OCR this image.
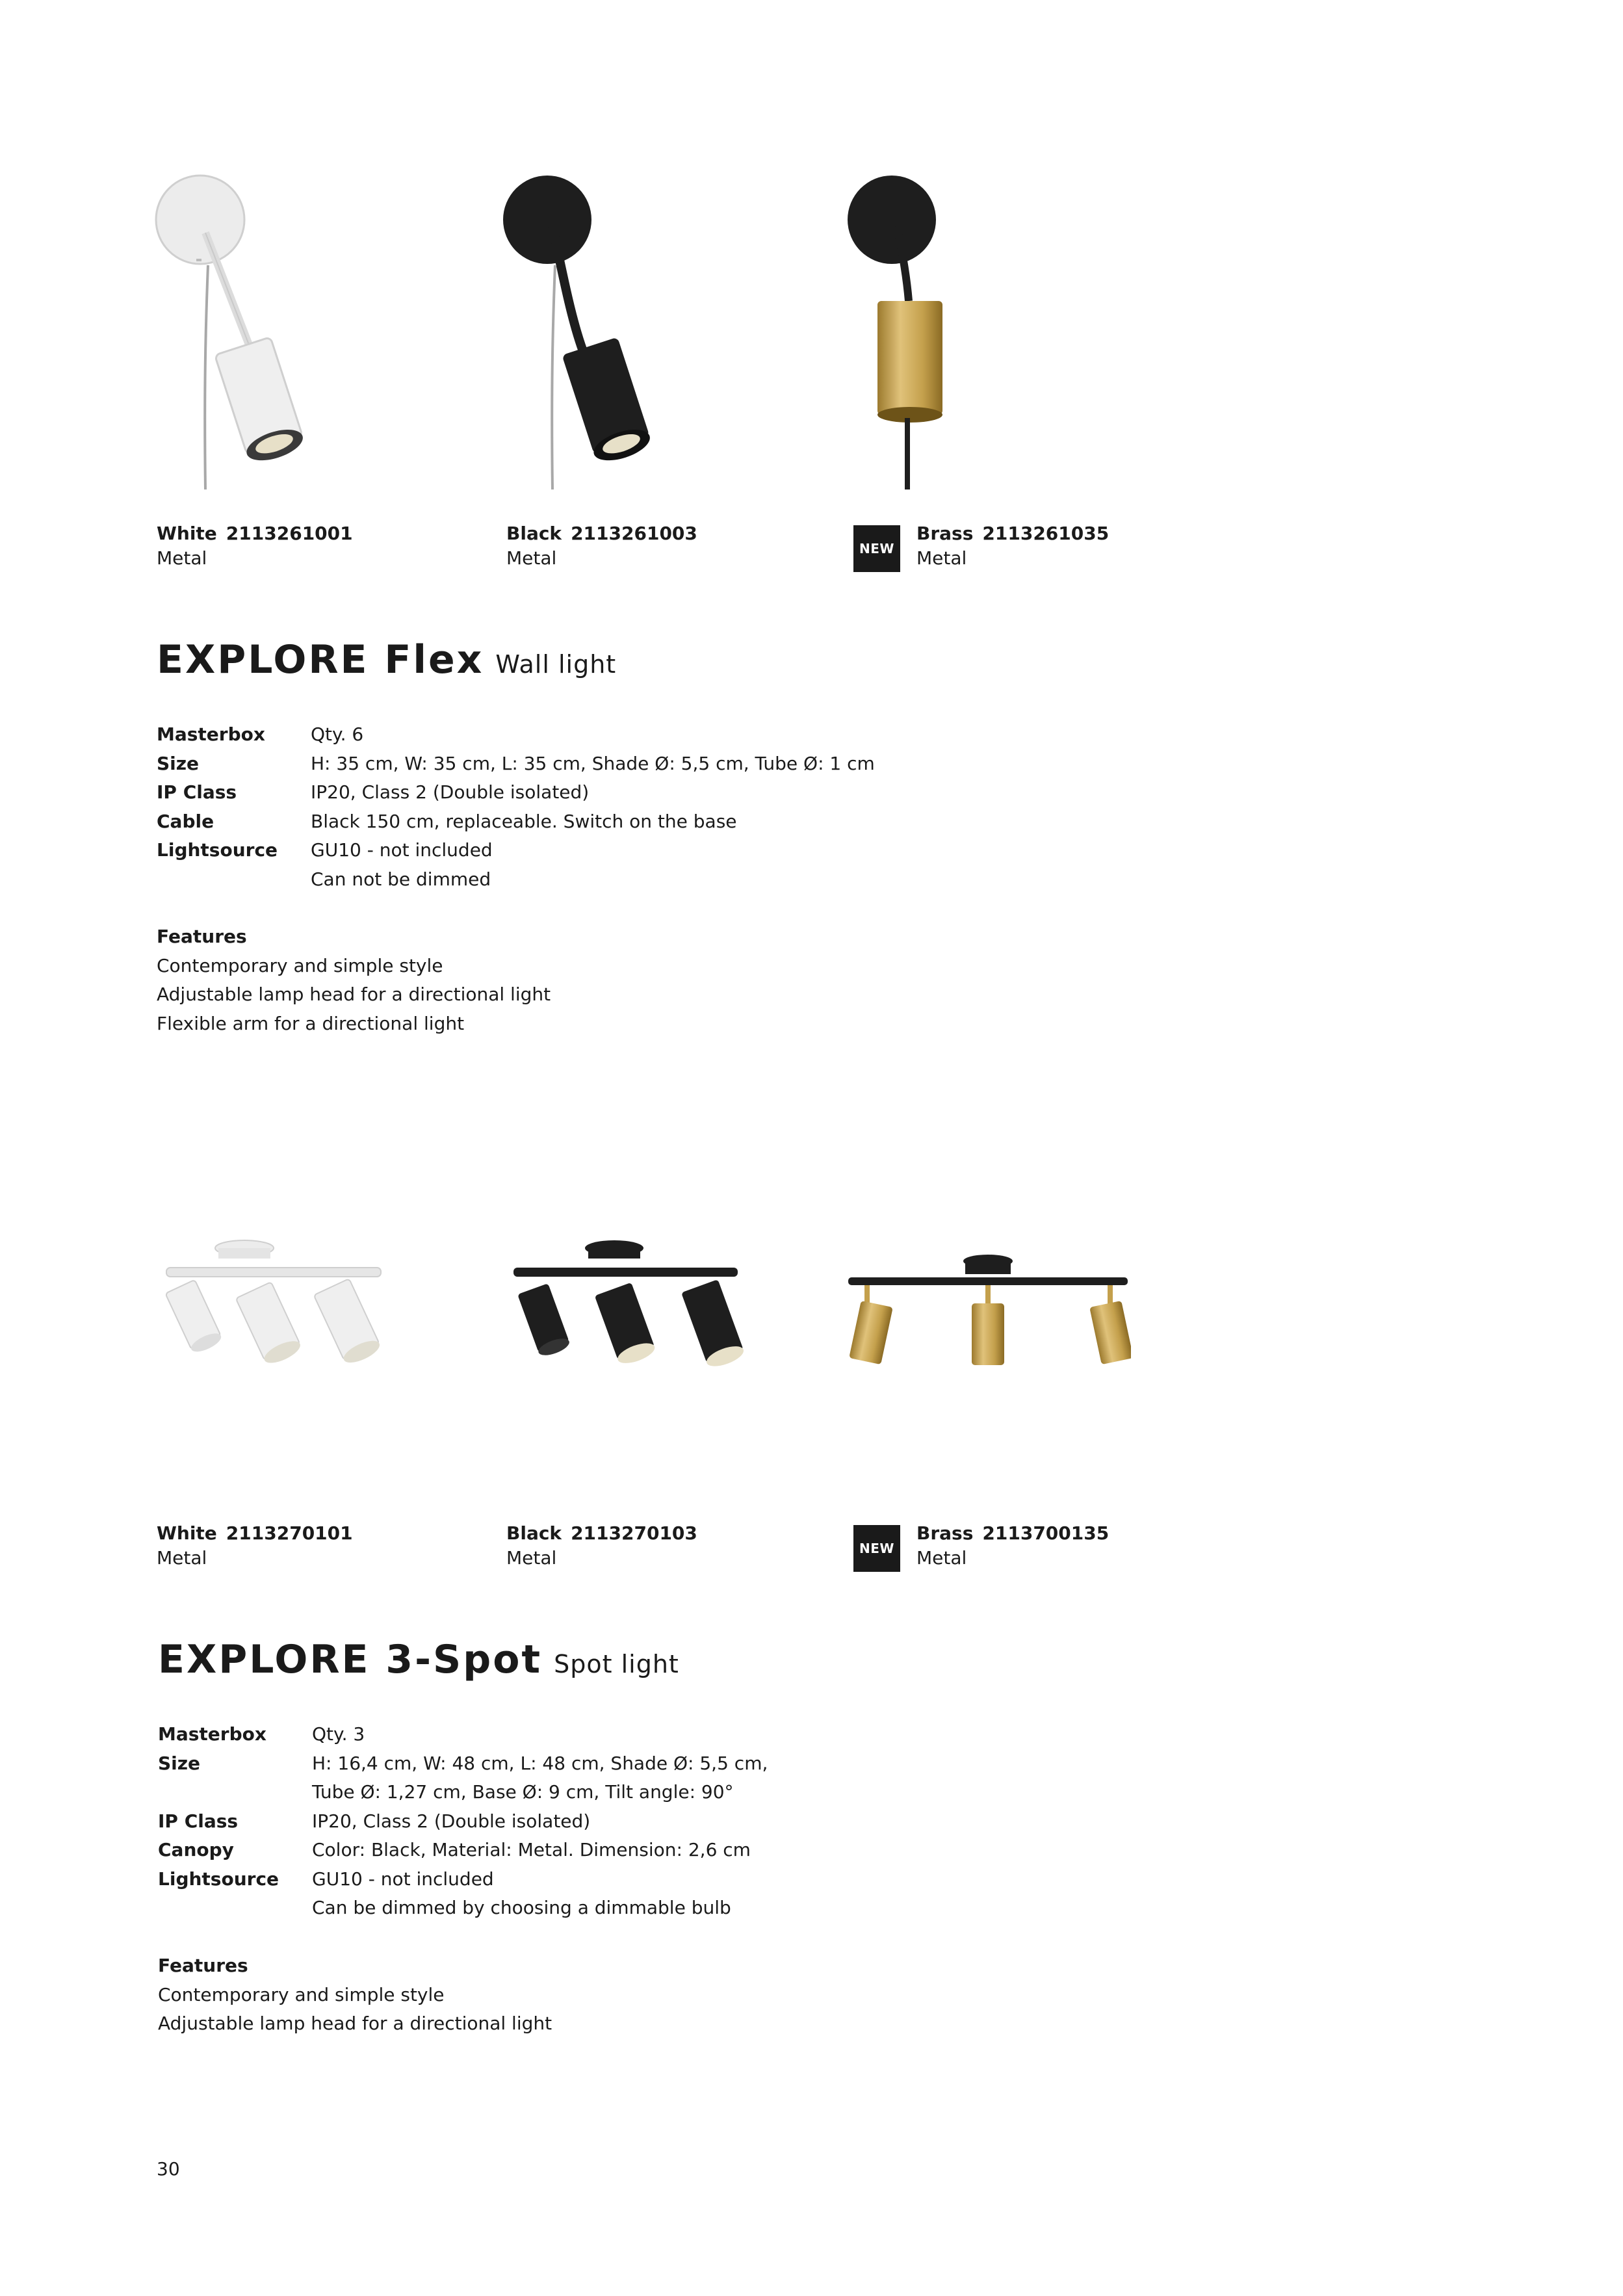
White 2113261001
Metal
Black 2113261003
Metal	NEW
Brass 2113261035
Metal
EXPLORE Flex Wall light
Masterbox	Qty. 6
Size	H: 35 cm, W: 35 cm, L: 35 cm, Shade Ø: 5,5 cm, Tube Ø: 1 cm
IP Class	IP20, Class 2 (Double isolated)
Cable	Black 150 cm, replaceable. Switch on the base
Lightsource	GU10 - not included
Can not be dimmed
Features
Contemporary and simple style
Adjustable lamp head for a directional light
Flexible arm for a directional light
White 2113270101
Metal
Black 2113270103
Metal	NEW
Brass 2113700135
Metal
EXPLORE 3-Spot Spot light
Masterbox	Qty. 3
Size	H: 16,4 cm, W: 48 cm, L: 48 cm, Shade Ø: 5,5 cm,
Tube Ø: 1,27 cm, Base Ø: 9 cm, Tilt angle: 90°
IP Class	IP20, Class 2 (Double isolated)
Canopy	Color: Black, Material: Metal. Dimension: 2,6 cm
Lightsource	GU10 - not included
Can be dimmed by choosing a dimmable bulb
Features
Contemporary and simple style
Adjustable lamp head for a directional light
30
